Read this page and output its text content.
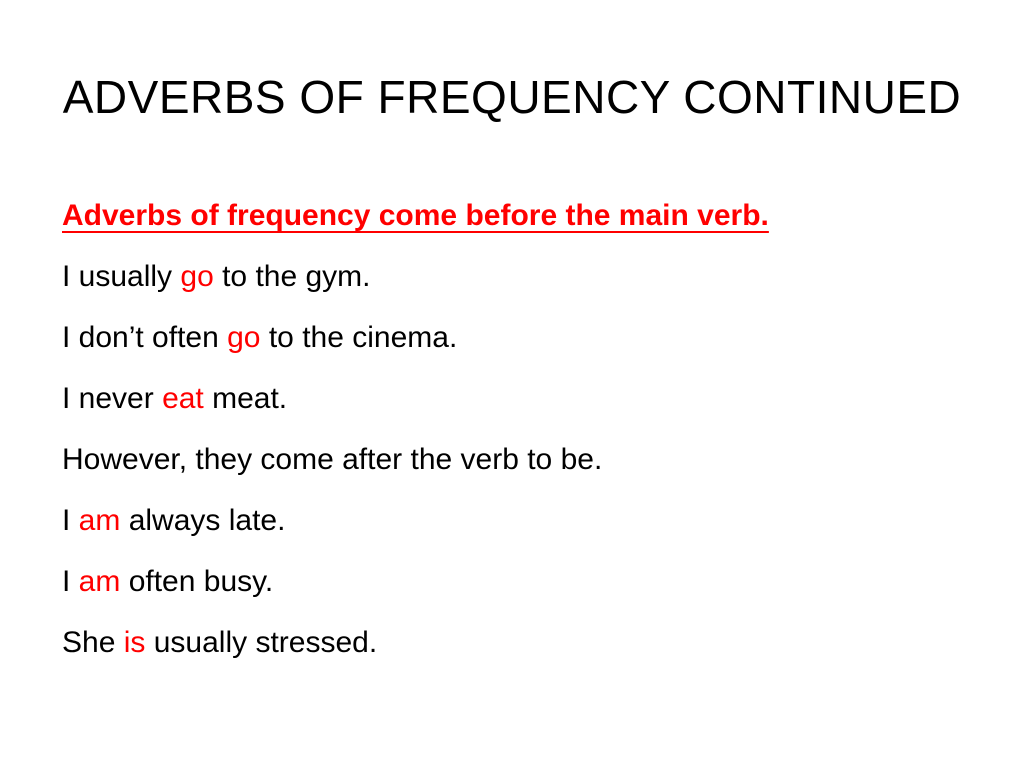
ADVERBS OF FREQUENCY CONTINUED
Adverbs of frequency come before the main verb.
I usually go to the gym.
I don’t often go to the cinema.
I never eat meat.
However, they come after the verb to be.
I am always late.
I am often busy.
She is usually stressed.
